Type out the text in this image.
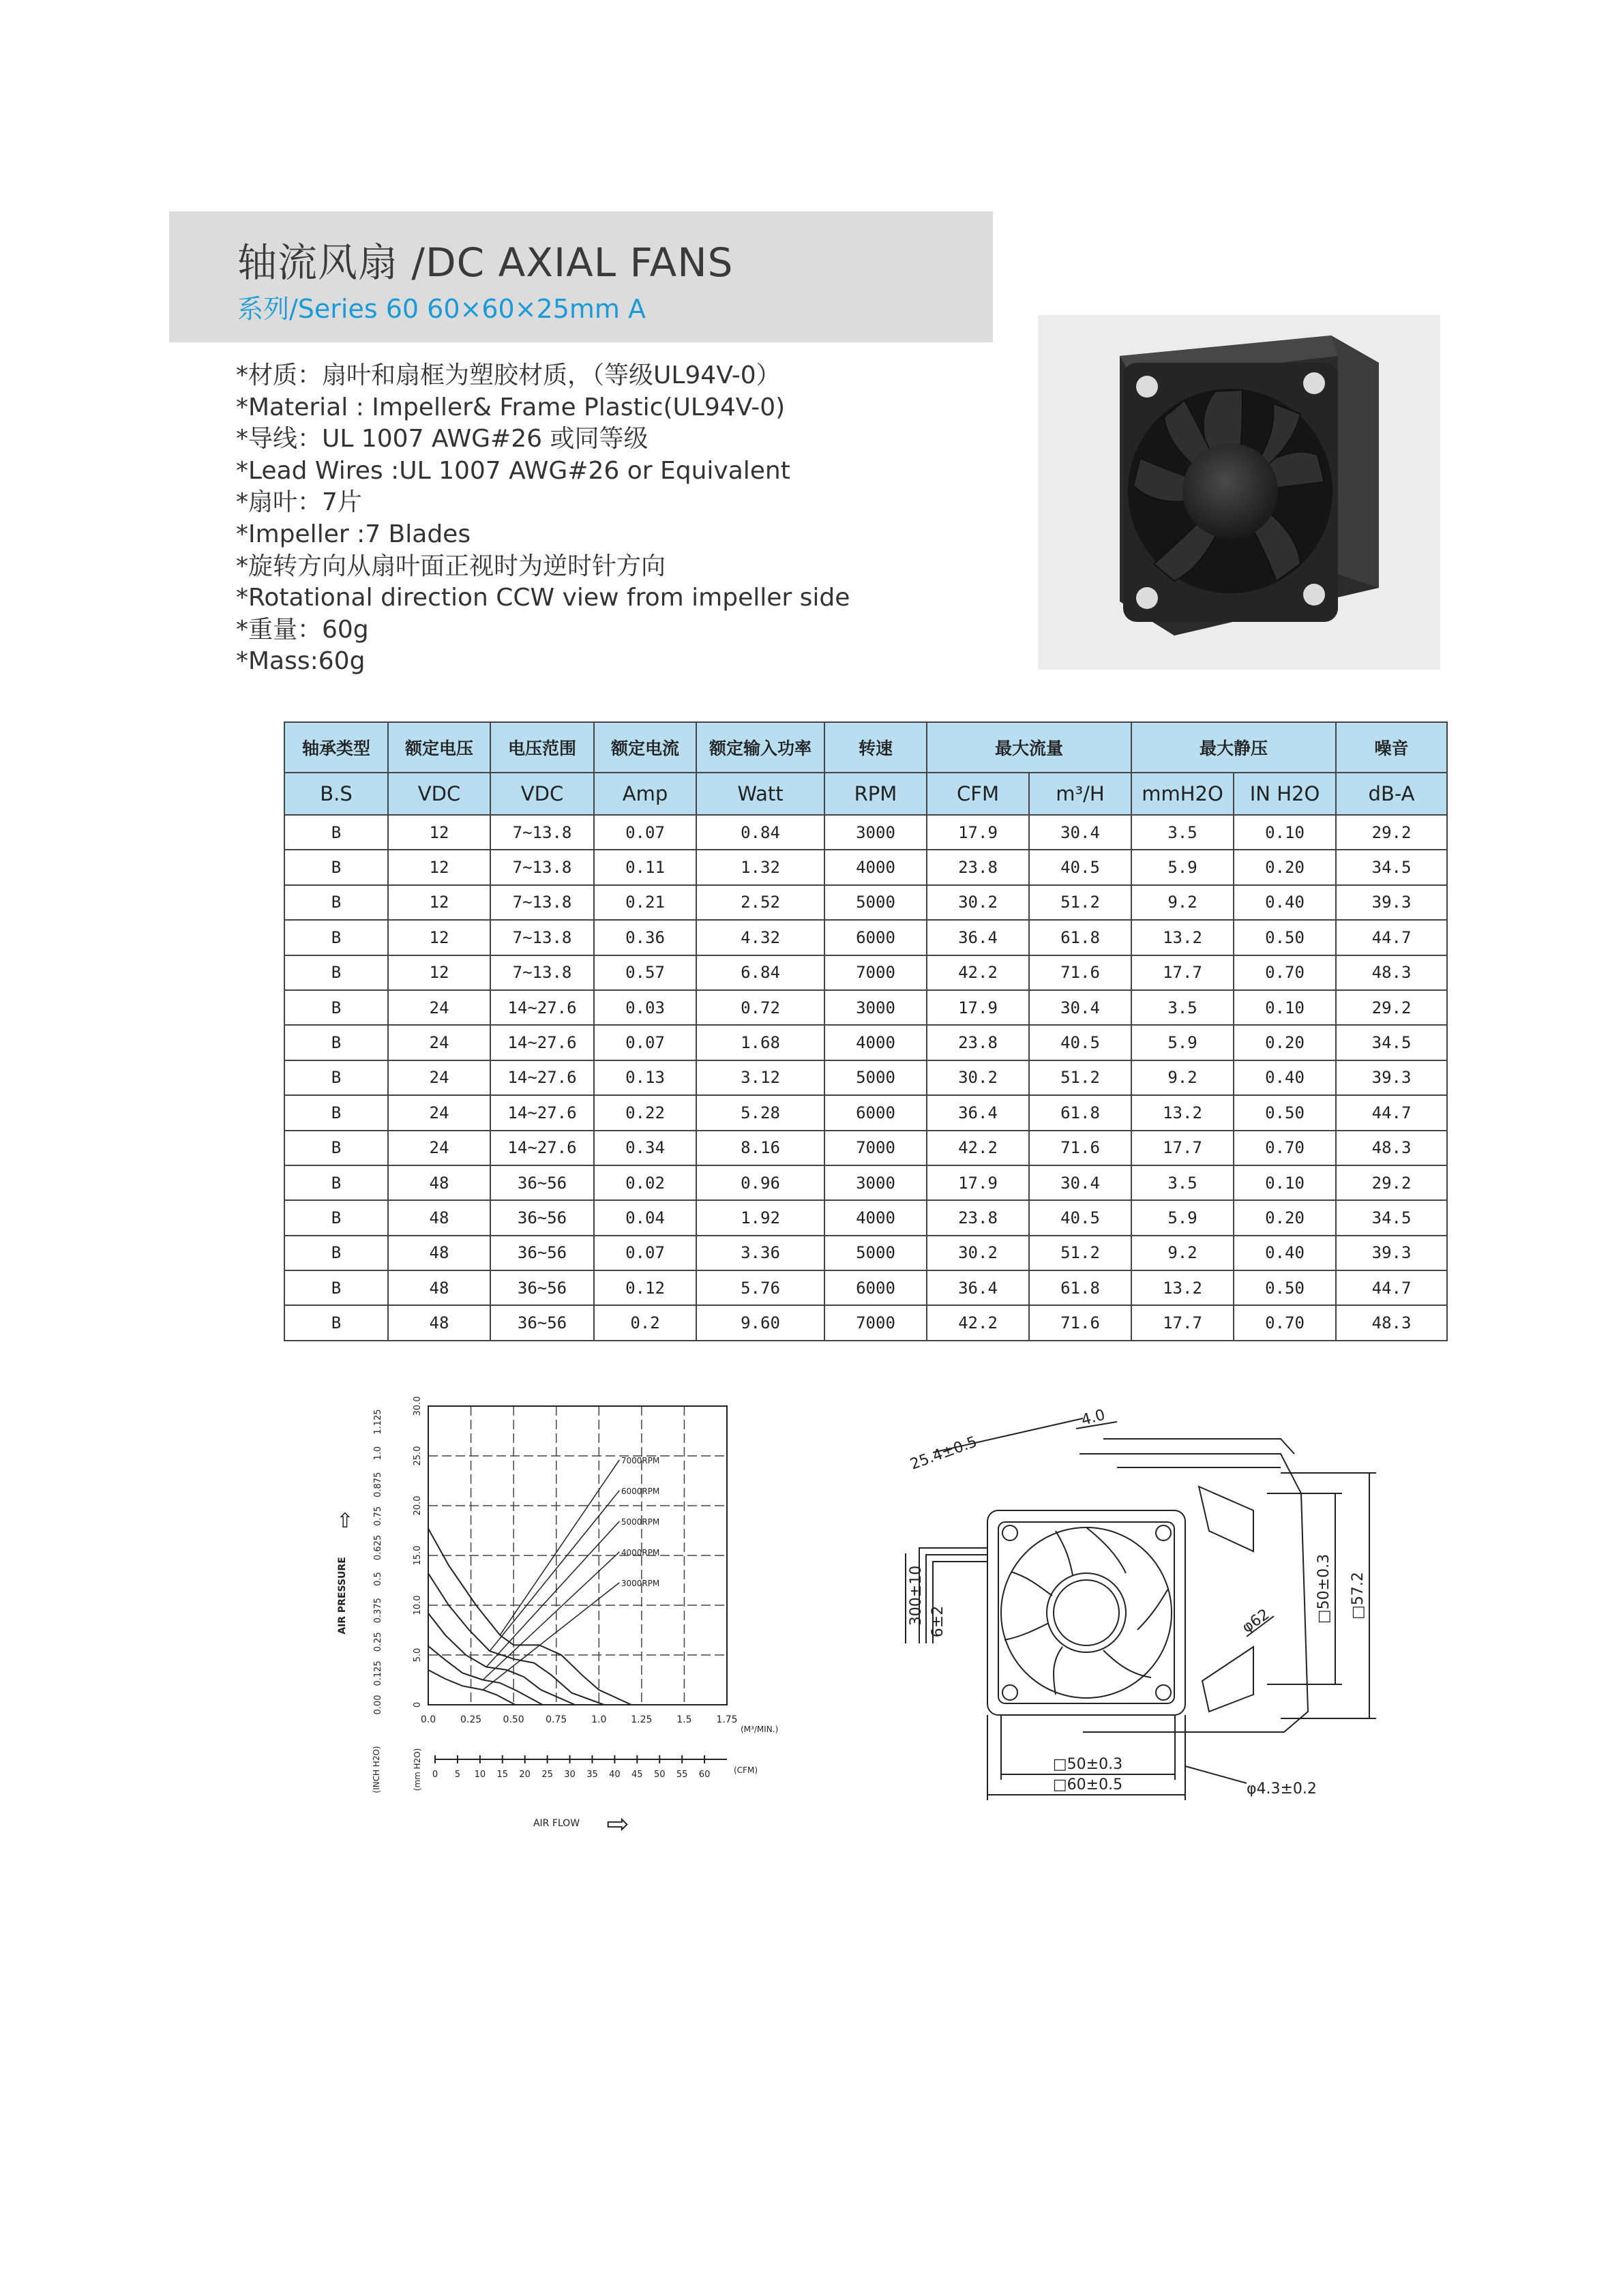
轴流风扇 /DC AXIAL FANS
系列/Series 60 60×60×25mm A
*材质：扇叶和扇框为塑胶材质，（等级UL94V-0）
*Material : Impeller& Frame Plastic(UL94V-0)
*导线：UL 1007 AWG#26 或同等级
*Lead Wires :UL 1007 AWG#26 or Equivalent
*扇叶：7片
*Impeller :7 Blades
*旋转方向从扇叶面正视时为逆时针方向
*Rotational direction CCW view from impeller side
*重量：60g
*Mass:60g
轴承类型	额定电压	电压范围	额定电流	额定输入功率	转速	最大流量		最大静压		噪音
B.S	VDC	VDC	Amp	Watt	RPM	CFM	m³/H	mmH2O	IN H2O	dB-A
B	12	7~13.8	0.07	0.84	3000	17.9	30.4	3.5	0.10	29.2
B	12	7~13.8	0.11	1.32	4000	23.8	40.5	5.9	0.20	34.5
B	12	7~13.8	0.21	2.52	5000	30.2	51.2	9.2	0.40	39.3
B	12	7~13.8	0.36	4.32	6000	36.4	61.8	13.2	0.50	44.7
B	12	7~13.8	0.57	6.84	7000	42.2	71.6	17.7	0.70	48.3
B	24	14~27.6	0.03	0.72	3000	17.9	30.4	3.5	0.10	29.2
B	24	14~27.6	0.07	1.68	4000	23.8	40.5	5.9	0.20	34.5
B	24	14~27.6	0.13	3.12	5000	30.2	51.2	9.2	0.40	39.3
B	24	14~27.6	0.22	5.28	6000	36.4	61.8	13.2	0.50	44.7
B	24	14~27.6	0.34	8.16	7000	42.2	71.6	17.7	0.70	48.3
B	48	36~56	0.02	0.96	3000	17.9	30.4	3.5	0.10	29.2
B	48	36~56	0.04	1.92	4000	23.8	40.5	5.9	0.20	34.5
B	48	36~56	0.07	3.36	5000	30.2	51.2	9.2	0.40	39.3
B	48	36~56	0.12	5.76	6000	36.4	61.8	13.2	0.50	44.7
B	48	36~56	0.2	9.60	7000	42.2	71.6	17.7	0.70	48.3
0
5.0
10.0
15.0
20.0
25.0
30.0
0.00
0.125
0.25
0.375
0.5
0.625
0.75
0.875
1.0
1.125
0.0	0.25 0.50 0.75	1.0	1.25	1.5	1.75
0 5 10 15 20 25 30 35 40 45 50 55 60
7000RPM
6000RPM
5000RPM
4000RPM
3000RPM
AIR PRESSURE
⇧
(INCH H2O)	(mm H2O)
(M³/MIN.)
(CFM)
AIR FLOW ⇨
25.4±0.5
4.0
300±10 6±2
□50±0.3
□60±0.5
□50±0.3 □57.2
φ62
φ4.3±0.2
